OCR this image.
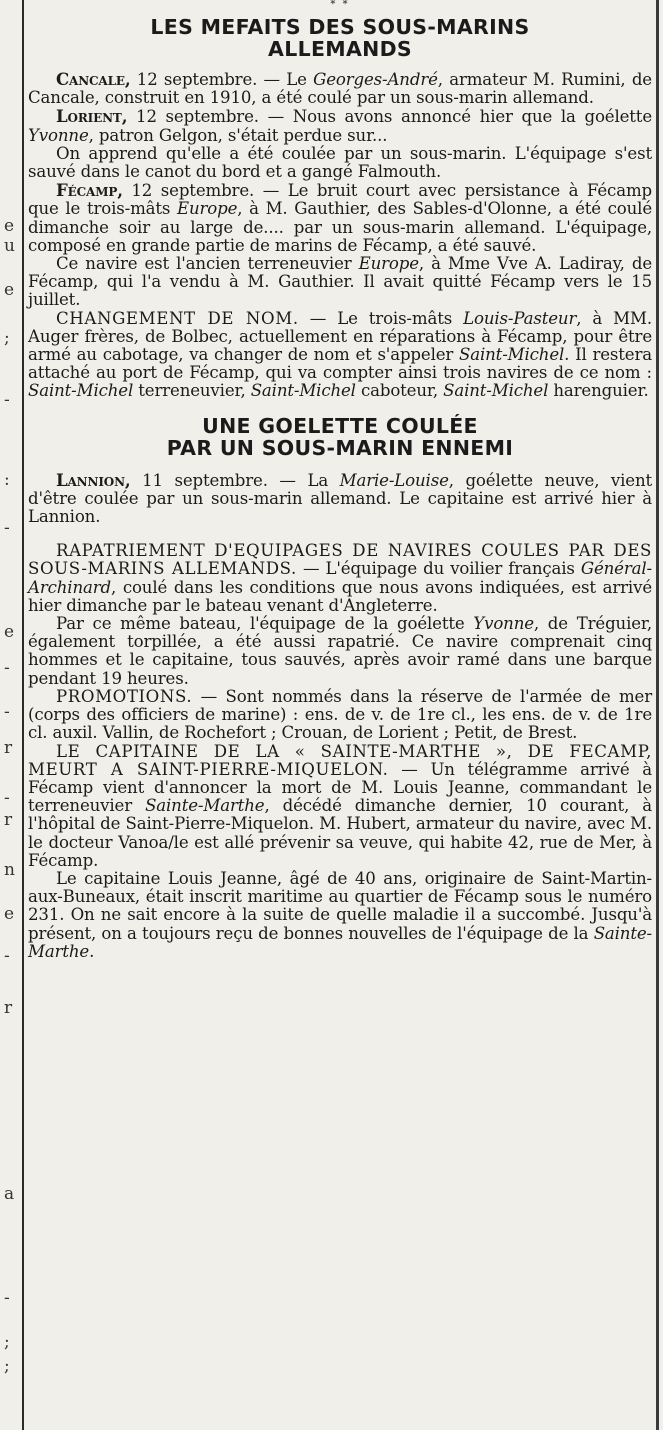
e
u
e
;
-
:
-
e
-
-
r
-
r
n
e
-
r
a
-
;
;
* *
LES MEFAITS DES SOUS-MARINS
ALLEMANDS

Cancale, 12 septembre. — Le Georges-André, armateur M. Rumini, de Cancale, construit en 1910, a été coulé par un sous-marin allemand.

Lorient, 12 septembre. — Nous avons annoncé hier que la goélette Yvonne, patron Gelgon, s'était perdue sur...

On apprend qu'elle a été coulée par un sous-marin. L'équipage s'est sauvé dans le canot du bord et a gangé Falmouth.

Fécamp, 12 septembre. — Le bruit court avec persistance à Fécamp que le trois-mâts Europe, à M. Gauthier, des Sables-d'Olonne, a été coulé dimanche soir au large de.... par un sous-marin allemand. L'équipage, composé en grande partie de marins de Fécamp, a été sauvé.

Ce navire est l'ancien terreneuvier Europe, à Mme Vve A. Ladiray, de Fécamp, qui l'a vendu à M. Gauthier. Il avait quitté Fécamp vers le 15 juillet.

CHANGEMENT DE NOM. — Le trois-mâts Louis-Pasteur, à MM. Auger frères, de Bolbec, actuellement en réparations à Fécamp, pour être armé au cabotage, va changer de nom et s'appeler Saint-Michel. Il restera attaché au port de Fécamp, qui va compter ainsi trois navires de ce nom : Saint-Michel terreneuvier, Saint-Michel caboteur, Saint-Michel harenguier.

UNE GOELETTE COULÉE
PAR UN SOUS-MARIN ENNEMI

Lannion, 11 septembre. — La Marie-Louise, goélette neuve, vient d'être coulée par un sous-marin allemand. Le capitaine est arrivé hier à Lannion.

RAPATRIEMENT D'EQUIPAGES DE NAVIRES COULES PAR DES SOUS-MARINS ALLEMANDS. — L'équipage du voilier français Général-Archinard, coulé dans les conditions que nous avons indiquées, est arrivé hier dimanche par le bateau venant d'Angleterre.

Par ce même bateau, l'équipage de la goélette Yvonne, de Tréguier, également torpillée, a été aussi rapatrié. Ce navire comprenait cinq hommes et le capitaine, tous sauvés, après avoir ramé dans une barque pendant 19 heures.

PROMOTIONS. — Sont nommés dans la réserve de l'armée de mer (corps des officiers de marine) : ens. de v. de 1re cl., les ens. de v. de 1re cl. auxil. Vallin, de Rochefort ; Crouan, de Lorient ; Petit, de Brest.

LE CAPITAINE DE LA « SAINTE-MARTHE », DE FECAMP, MEURT A SAINT-PIERRE-MIQUELON. — Un télégramme arrivé à Fécamp vient d'annoncer la mort de M. Louis Jeanne, commandant le terreneuvier Sainte-Marthe, décédé dimanche dernier, 10 courant, à l'hôpital de Saint-Pierre-Miquelon. M. Hubert, armateur du navire, avec M. le docteur Vanoa/le est allé prévenir sa veuve, qui habite 42, rue de Mer, à Fécamp.

Le capitaine Louis Jeanne, âgé de 40 ans, originaire de Saint-Martin-aux-Buneaux, était inscrit maritime au quartier de Fécamp sous le numéro 231. On ne sait encore à la suite de quelle maladie il a succombé. Jusqu'à présent, on a toujours reçu de bonnes nouvelles de l'équipage de la Sainte-Marthe.
